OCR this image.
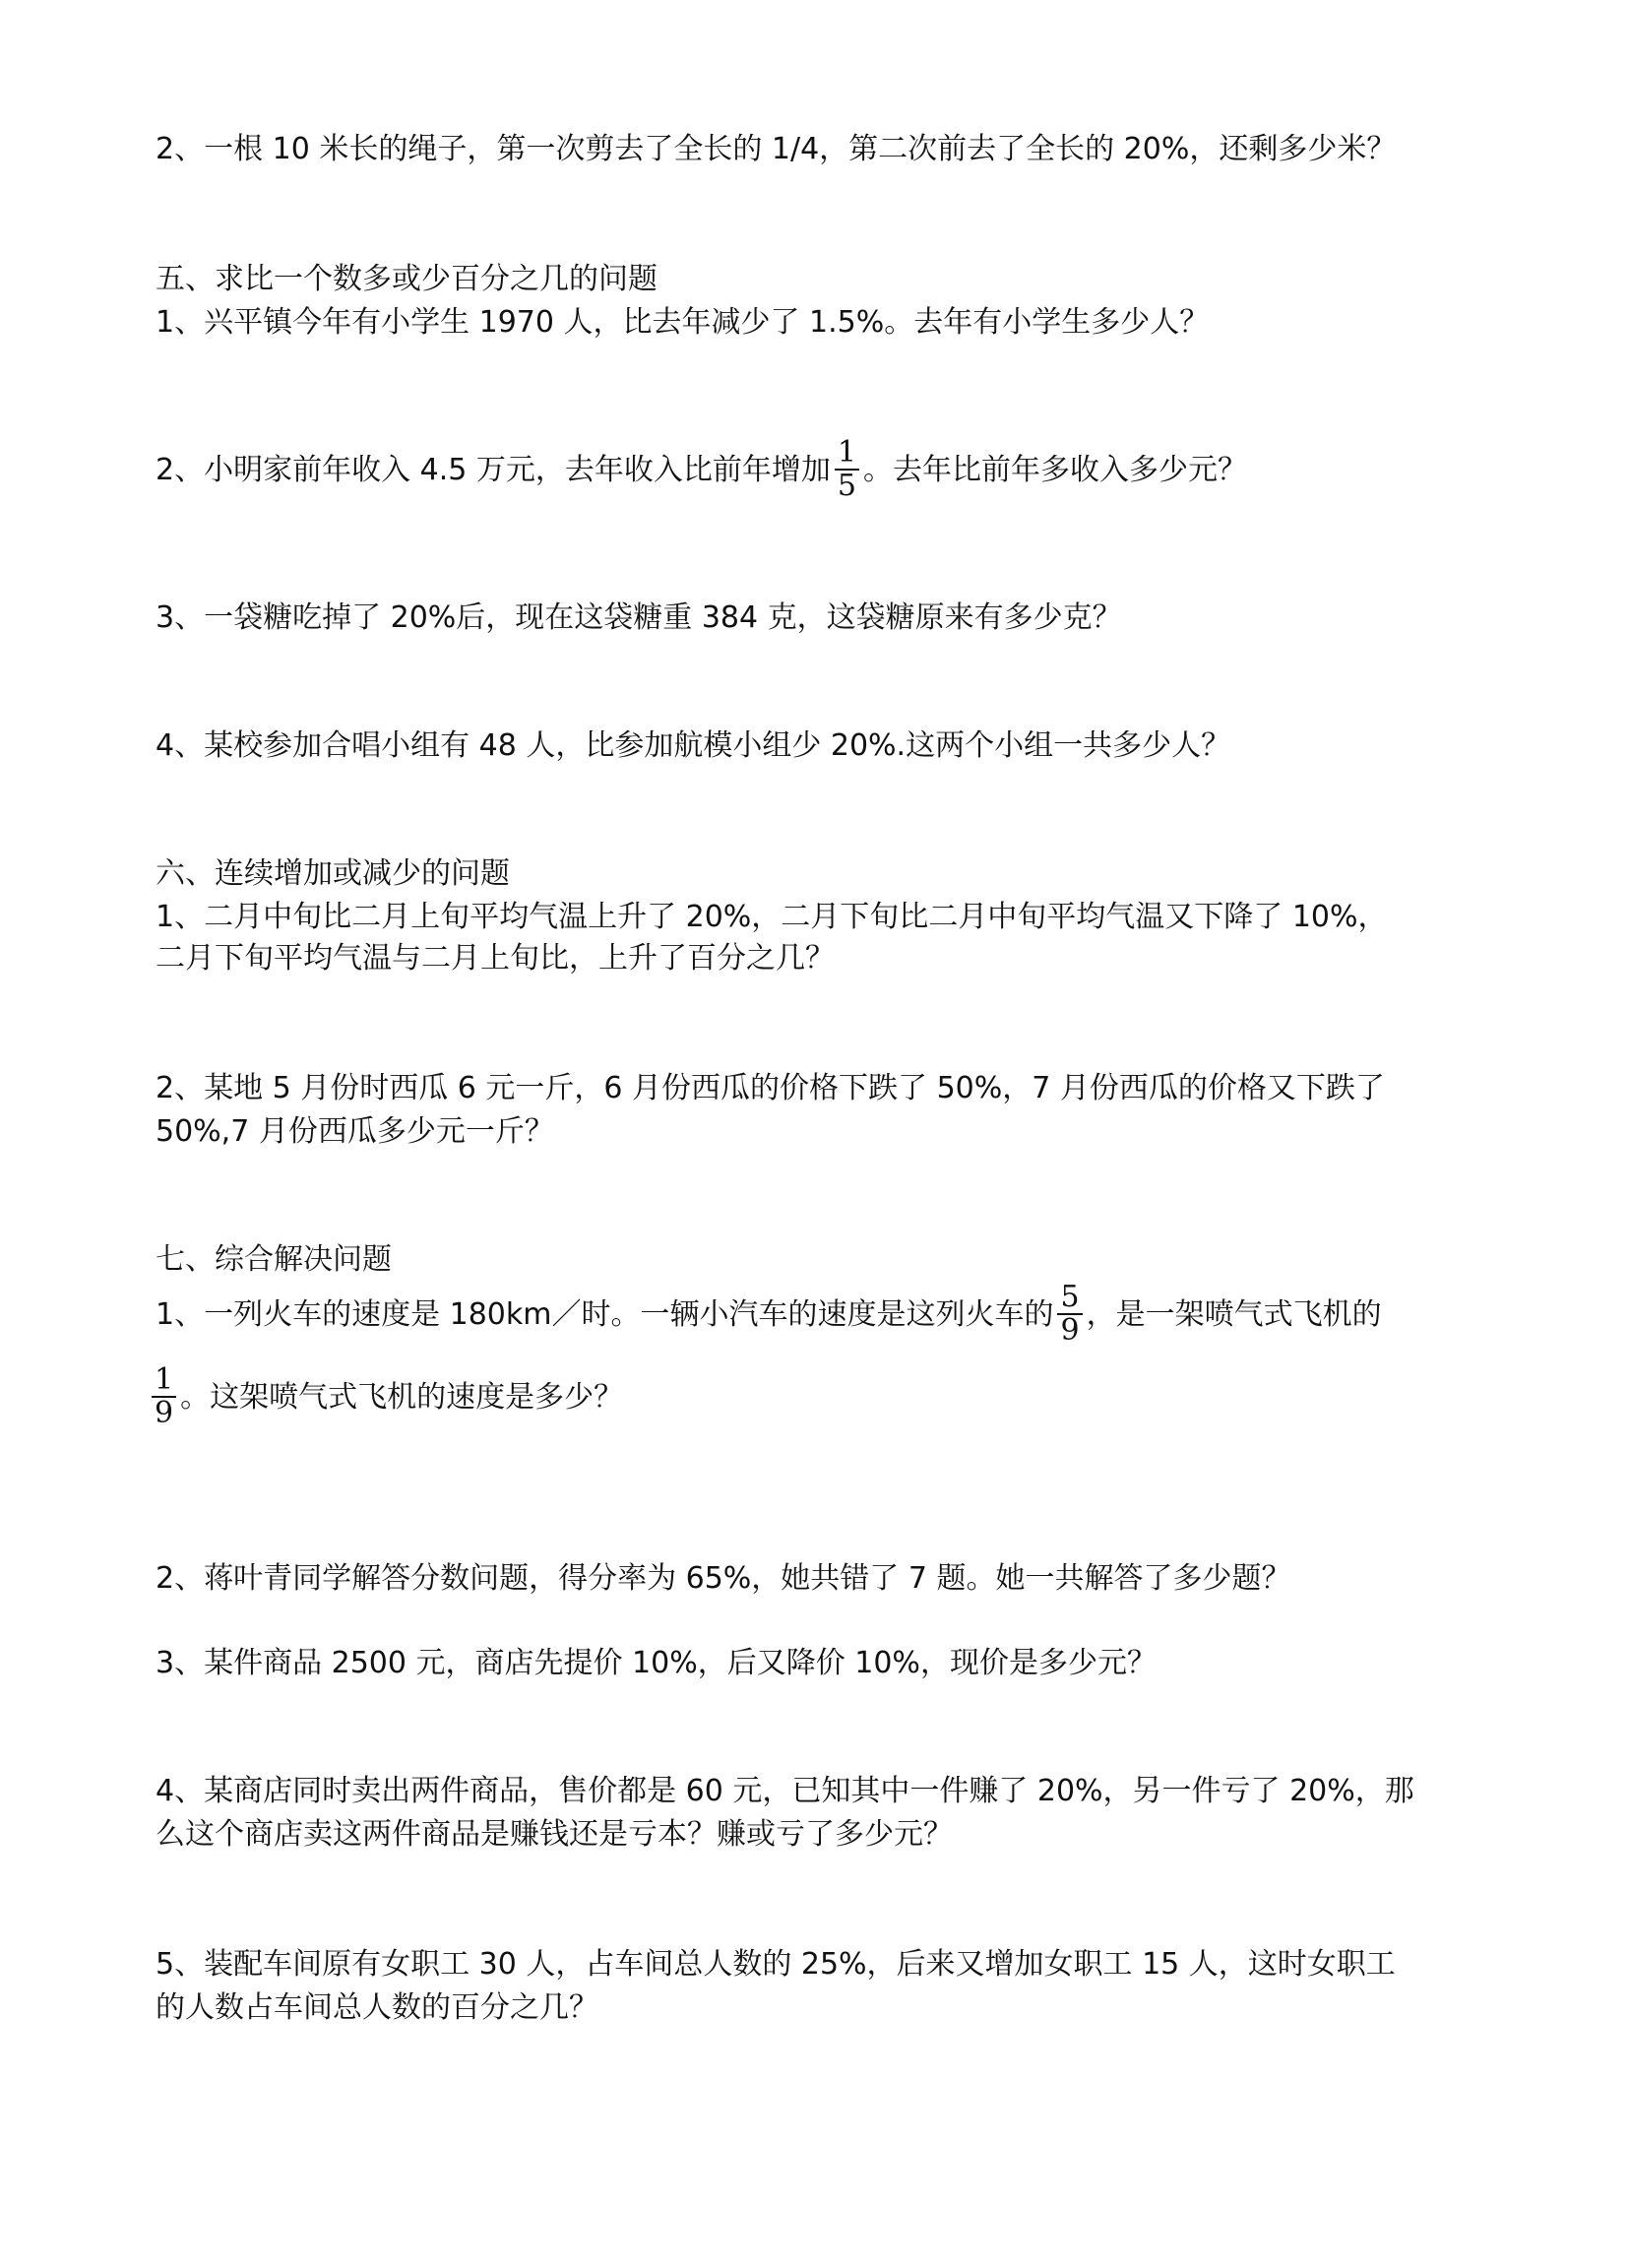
2、一根 10 米长的绳子，第一次剪去了全长的 1/4，第二次前去了全长的 20%，还剩多少米？
五、求比一个数多或少百分之几的问题
1、兴平镇今年有小学生 1970 人，比去年减少了 1.5%。去年有小学生多少人？
2、小明家前年收入 4.5 万元，去年收入比前年增加 $\frac{1}{5}$ 。去年比前年多收入多少元？
3、一袋糖吃掉了 20%后，现在这袋糖重 384 克，这袋糖原来有多少克？
4、某校参加合唱小组有 48 人，比参加航模小组少 20%.这两个小组一共多少人？
六、连续增加或减少的问题
1、二月中旬比二月上旬平均气温上升了 20%，二月下旬比二月中旬平均气温又下降了 10%，
二月下旬平均气温与二月上旬比，上升了百分之几？
2、某地 5 月份时西瓜 6 元一斤，6 月份西瓜的价格下跌了 50%，7 月份西瓜的价格又下跌了
50%,7 月份西瓜多少元一斤？
七、综合解决问题
1、一列火车的速度是 180km／时。一辆小汽车的速度是这列火车的 $\frac{5}{9}$ ，是一架喷气式飞机的
$\frac{1}{9}$ 。这架喷气式飞机的速度是多少？
2、蒋叶青同学解答分数问题，得分率为 65%，她共错了 7 题。她一共解答了多少题？
3、某件商品 2500 元，商店先提价 10%，后又降价 10%，现价是多少元？
4、某商店同时卖出两件商品，售价都是 60 元，已知其中一件赚了 20%，另一件亏了 20%，那
么这个商店卖这两件商品是赚钱还是亏本？赚或亏了多少元？
5、装配车间原有女职工 30 人，占车间总人数的 25%，后来又增加女职工 15 人，这时女职工
的人数占车间总人数的百分之几？
